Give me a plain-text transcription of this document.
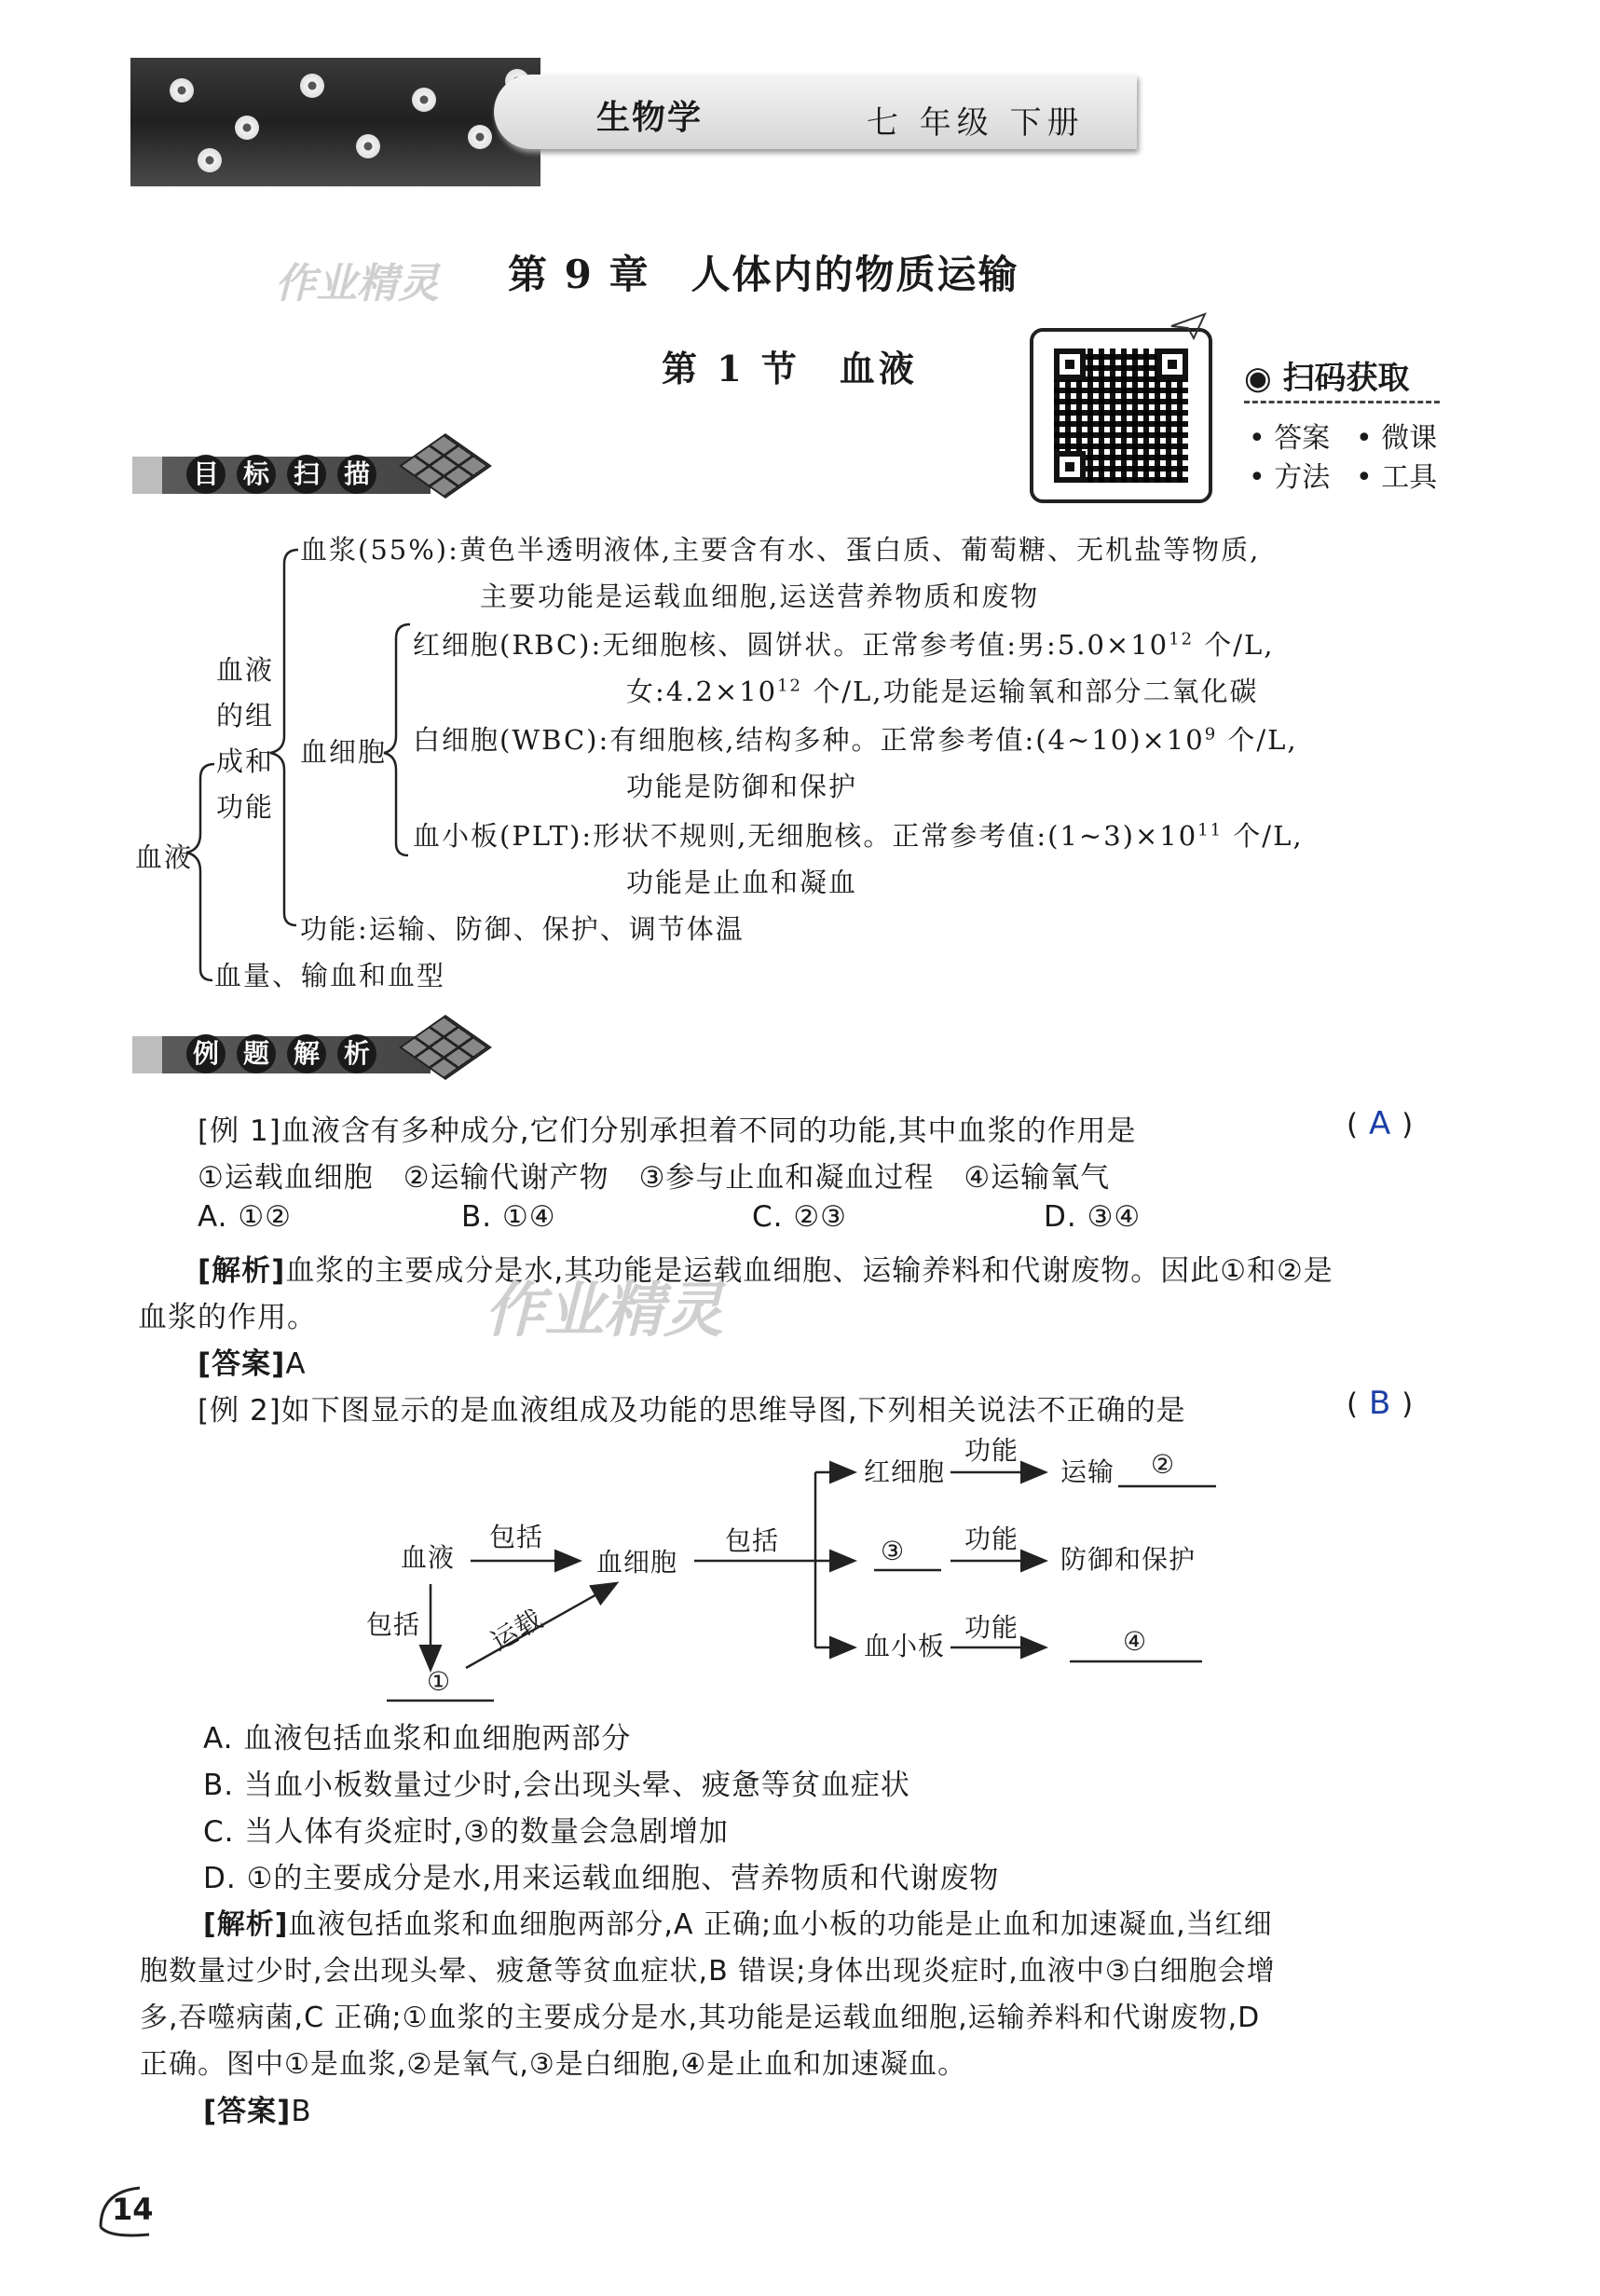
生物学	七 年级 下册
作业精灵 第 9 章　人体内的物质运输
第 1 节　血液	◉ 扫码获取
• 答案 • 微课
• 方法 • 工具
目 标 扫 描
血液
血液
的组
成和
功能
血浆(55%):黄色半透明液体,主要含有水、蛋白质、葡萄糖、无机盐等物质,
主要功能是运载血细胞,运送营养物质和废物
血细胞
红细胞(RBC):无细胞核、圆饼状。正常参考值:男$:5.0\times 10^{12}$ 个/L,
女$:4.2\times 10^{12}$ 个/L,功能是运输氧和部分二氧化碳
白细胞(WBC):有细胞核,结构多种。正常参考值$:(4\sim 10)\times 10^9$ 个/L,
功能是防御和保护
血小板(PLT):形状不规则,无细胞核。正常参考值$:(1\sim 3)\times 10^{11}$ 个/L,
功能是止血和凝血
功能:运输、防御、保护、调节体温
血量、输血和血型
例 题 解 析
[例 1]血液含有多种成分,它们分别承担着不同的功能,其中血浆的作用是	( A )
①运载血细胞　②运输代谢产物　③参与止血和凝血过程　④运输氧气
A. ①②	B. ①④	C. ②③	D. ③④
[解析]血浆的主要成分是水,其功能是运载血细胞、运输养料和代谢废物。因此①和②是
血浆的作用。	作业精灵
[答案]A
[例 2]如下图显示的是血液组成及功能的思维导图,下列相关说法不正确的是	( B )
血液
包括
血细胞
包括
包括	运载
红细胞
功能
运输 ②
③ 功能
防御和保护
血小板
功能	④
①
A. 血液包括血浆和血细胞两部分
B. 当血小板数量过少时,会出现头晕、疲惫等贫血症状
C. 当人体有炎症时,③的数量会急剧增加
D. ①的主要成分是水,用来运载血细胞、营养物质和代谢废物
[解析]血液包括血浆和血细胞两部分,A 正确;血小板的功能是止血和加速凝血,当红细
胞数量过少时,会出现头晕、疲惫等贫血症状,B 错误;身体出现炎症时,血液中③白细胞会增
多,吞噬病菌,C 正确;①血浆的主要成分是水,其功能是运载血细胞,运输养料和代谢废物,D
正确。图中①是血浆,②是氧气,③是白细胞,④是止血和加速凝血。
[答案]B
14
